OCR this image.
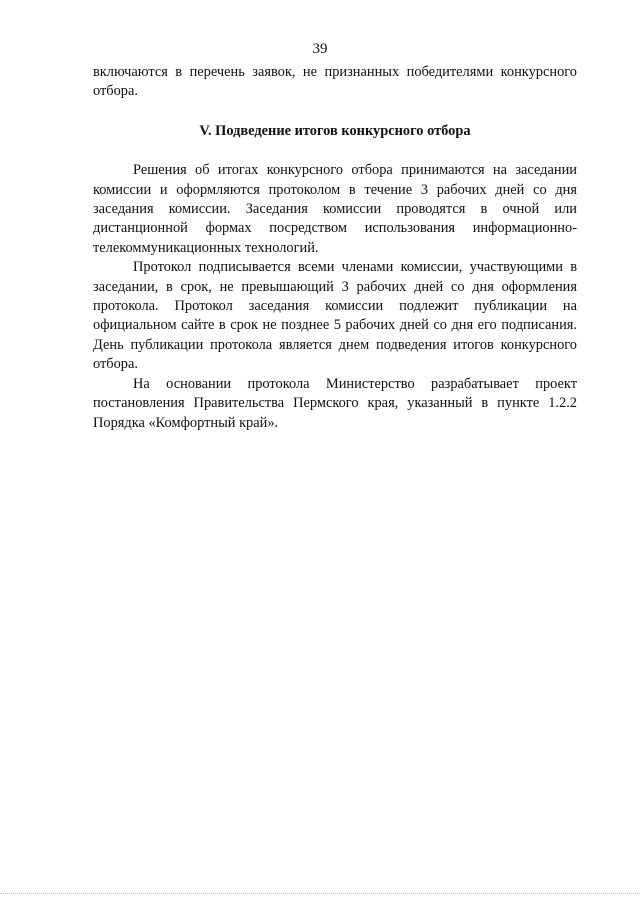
39

включаются в перечень заявок, не признанных победителями конкурсного отбора.

V. Подведение итогов конкурсного отбора

Решения об итогах конкурсного отбора принимаются на заседании комиссии и оформляются протоколом в течение 3 рабочих дней со дня заседания комиссии. Заседания комиссии проводятся в очной или дистанционной формах посредством использования информационно-телекоммуникационных технологий.

Протокол подписывается всеми членами комиссии, участвующими в заседании, в срок, не превышающий 3 рабочих дней со дня оформления протокола. Протокол заседания комиссии подлежит публикации на официальном сайте в срок не позднее 5 рабочих дней со дня его подписания. День публикации протокола является днем подведения итогов конкурсного отбора.

На основании протокола Министерство разрабатывает проект постановления Правительства Пермского края, указанный в пункте 1.2.2 Порядка «Комфортный край».
